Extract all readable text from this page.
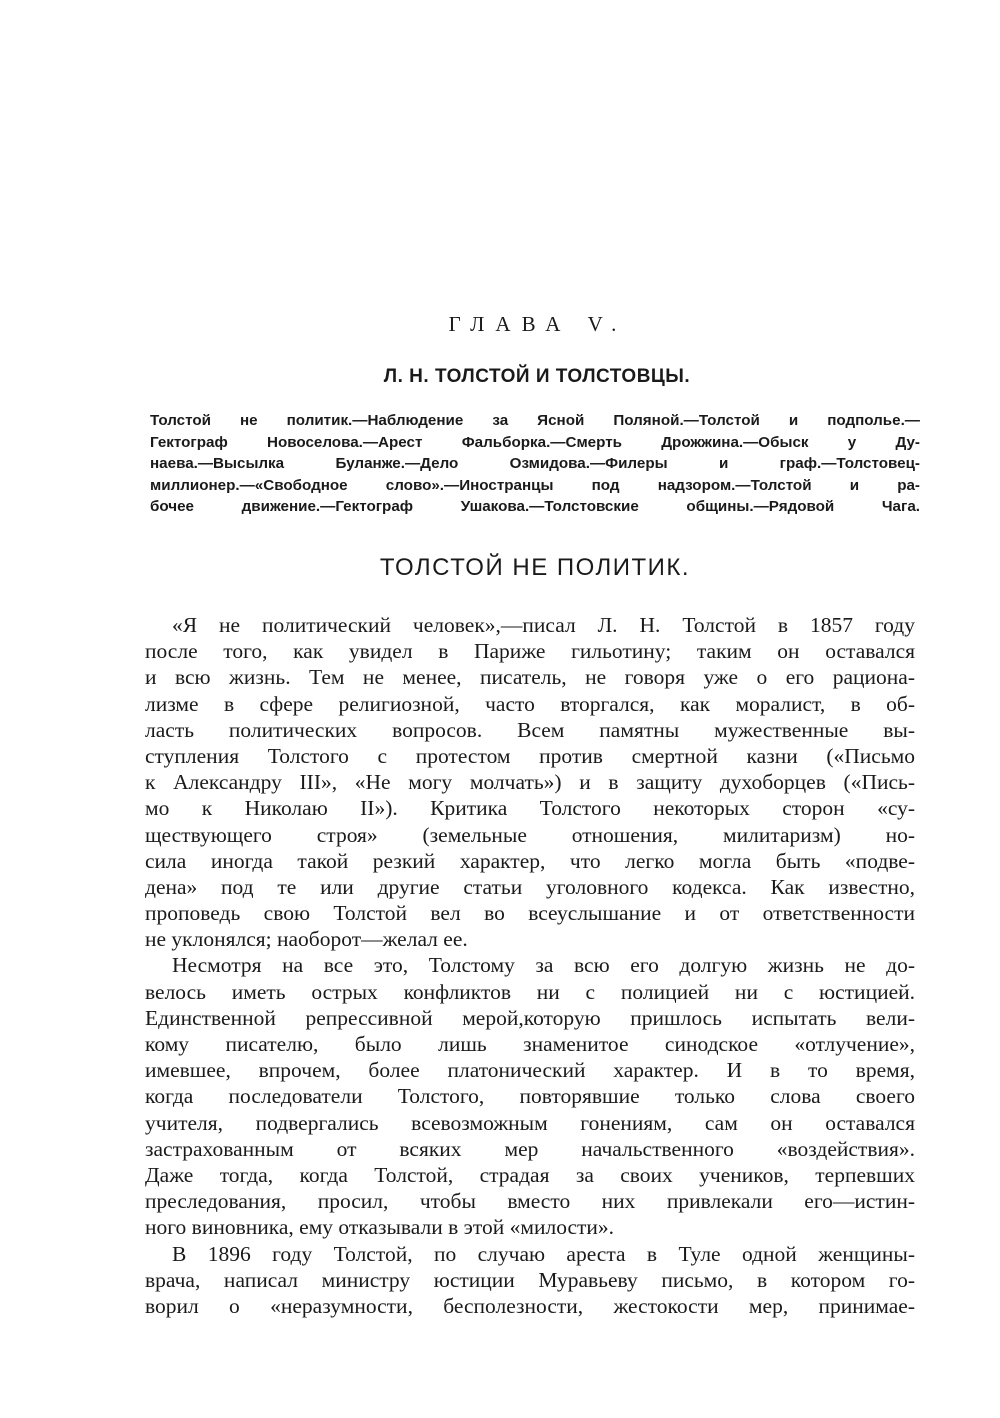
ГЛАВА V.
Л. Н. ТОЛСТОЙ И ТОЛСТОВЦЫ.
Толстой не политик.—Наблюдение за Ясной Поляной.—Толстой и подполье.—
Гектограф Новоселова.—Арест Фальборка.—Смерть Дрожжина.—Обыск у Ду-
наева.—Высылка Буланже.—Дело Озмидова.—Филеры и граф.—Толстовец-
миллионер.—«Свободное слово».—Иностранцы под надзором.—Толстой и ра-
бочее движение.—Гектограф Ушакова.—Толстовские общины.—Рядовой Чага.
ТОЛСТОЙ НЕ ПОЛИТИК.
«Я не политический человек»,—писал Л. Н. Толстой в 1857 году
после того, как увидел в Париже гильотину; таким он оставался
и всю жизнь. Тем не менее, писатель, не говоря уже о его рациона-
лизме в сфере религиозной, часто вторгался, как моралист, в об-
ласть политических вопросов. Всем памятны мужественные вы-
ступления Толстого с протестом против смертной казни («Письмо
к Александру III», «Не могу молчать») и в защиту духоборцев («Пись-
мо к Николаю II»). Критика Толстого некоторых сторон «су-
ществующего строя» (земельные отношения, милитаризм) но-
сила иногда такой резкий характер, что легко могла быть «подве-
дена» под те или другие статьи уголовного кодекса. Как известно,
проповедь свою Толстой вел во всеуслышание и от ответственности
не уклонялся; наоборот—желал ее.
Несмотря на все это, Толстому за всю его долгую жизнь не до-
велось иметь острых конфликтов ни с полицией ни с юстицией.
Единственной репрессивной мерой,которую пришлось испытать вели-
кому писателю, было лишь знаменитое синодское «отлучение»,
имевшее, впрочем, более платонический характер. И в то время,
когда последователи Толстого, повторявшие только слова своего
учителя, подвергались всевозможным гонениям, сам он оставался
застрахованным от всяких мер начальственного «воздействия».
Даже тогда, когда Толстой, страдая за своих учеников, терпевших
преследования, просил, чтобы вместо них привлекали его—истин-
ного виновника, ему отказывали в этой «милости».
В 1896 году Толстой, по случаю ареста в Туле одной женщины-
врача, написал министру юстиции Муравьеву письмо, в котором го-
ворил о «неразумности, бесполезности, жестокости мер, принимае-
